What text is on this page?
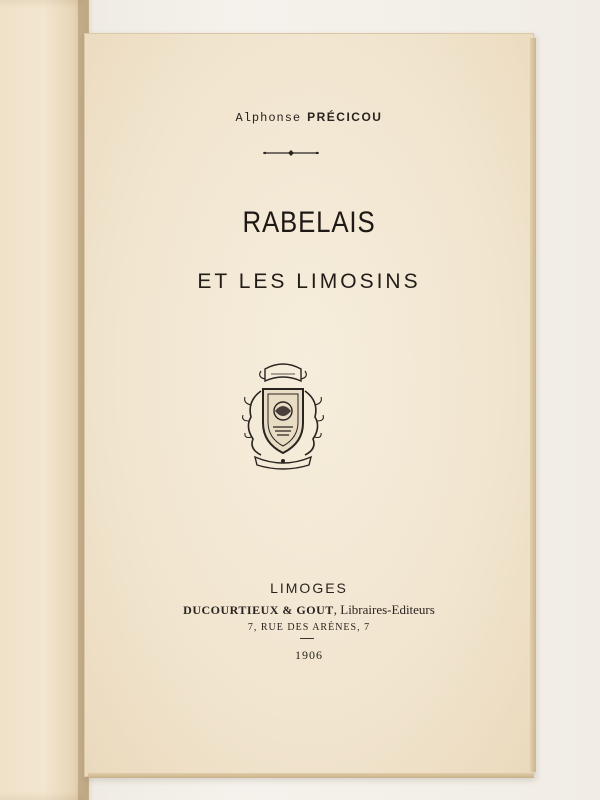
Alphonse PRÉCICOU
RABELAIS
ET LES LIMOSINS
LIMOGES
DUCOURTIEUX & GOUT, Libraires-Editeurs
7, RUE DES ARÈNES, 7
1906
